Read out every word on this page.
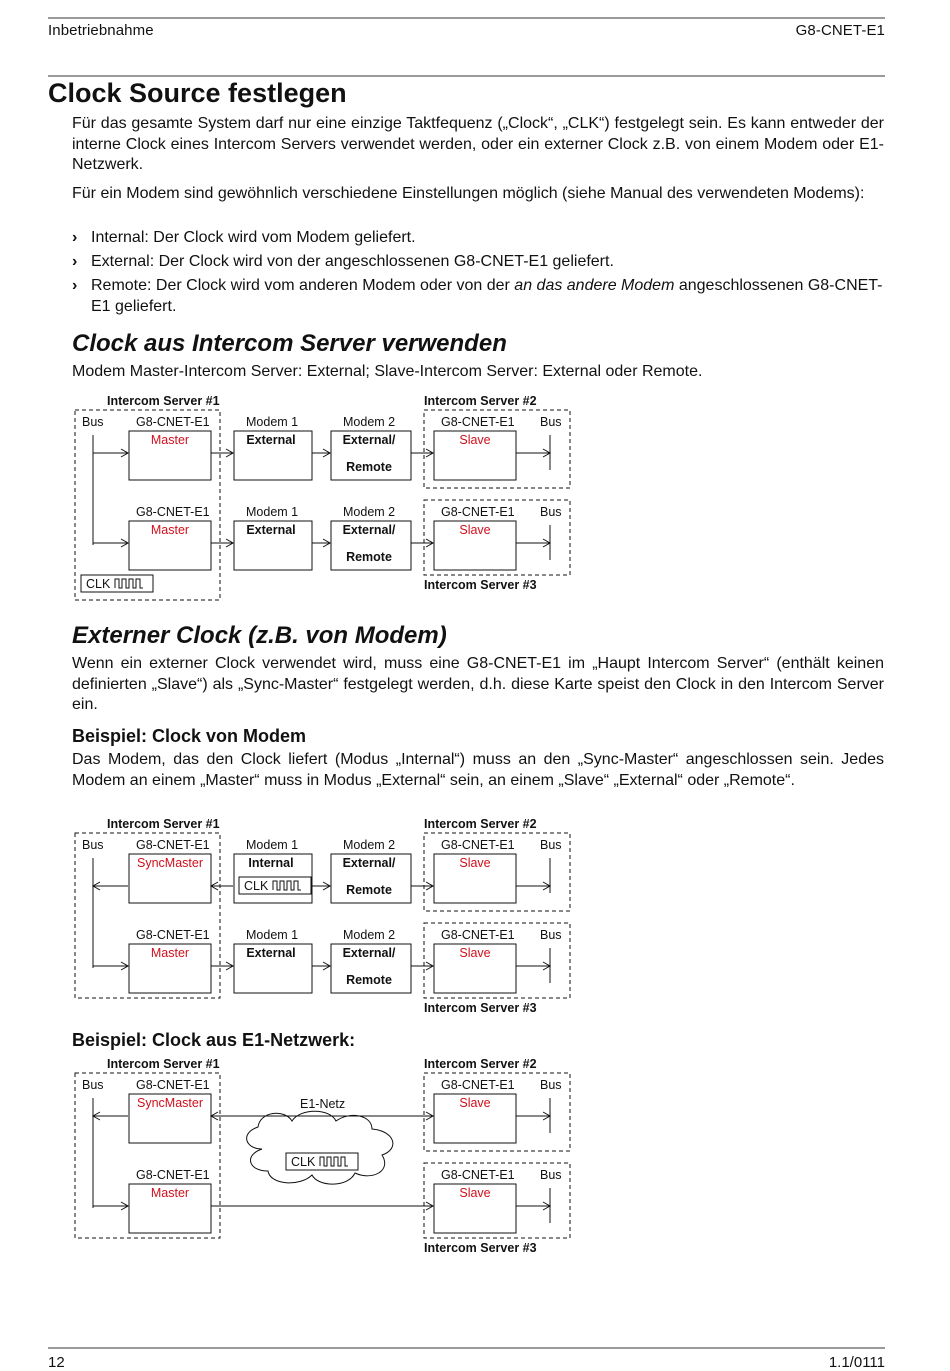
Inbetriebnahme	G8-CNET-E1
Clock Source festlegen

Für das gesamte System darf nur eine einzige Taktfequenz („Clock“, „CLK“) festgelegt sein. Es kann entweder der interne Clock eines Intercom Servers verwendet werden, oder ein externer Clock z.B. von einem Modem oder E1-Netzwerk.

Für ein Modem sind gewöhnlich verschiedene Einstellungen möglich (siehe Manual des verwendeten Modems):

› Internal: Der Clock wird vom Modem geliefert.
› External: Der Clock wird von der angeschlossenen G8-CNET-E1 geliefert.
› Remote: Der Clock wird vom anderen Modem oder von der an das andere Modem angeschlossenen G8-CNET-E1 geliefert.
Clock aus Intercom Server verwenden

Modem Master-Intercom Server: External; Slave-Intercom Server: External oder Remote.

Intercom Server #1	Intercom Server #2
Intercom Server #3
G8-CNET-E1
Master
Bus	G8-CNET-E1
Slave
Bus
Modem 1	Modem 2
External	External/
Remote
G8-CNET-E1
Master
G8-CNET-E1
Slave
Bus
Modem 1	Modem 2
External	External/
Remote
CLK
Externer Clock (z.B. von Modem)

Wenn ein externer Clock verwendet wird, muss eine G8-CNET-E1 im „Haupt Intercom Server“ (enthält keinen definierten „Slave“) als „Sync-Master“ festgelegt werden, d.h. diese Karte speist den Clock in den Intercom Server ein.

Beispiel: Clock von Modem

Das Modem, das den Clock liefert (Modus „Internal“) muss an den „Sync-Master“ angeschlossen sein. Jedes Modem an einem „Master“ muss in Modus „External“ sein, an einem „Slave“ „External“ oder „Remote“.

Intercom Server #1	Intercom Server #2
Intercom Server #3
G8-CNET-E1
SyncMaster
Bus	G8-CNET-E1
Slave
Bus
Modem 1	Modem 2
Internal	External/
Remote
CLK
G8-CNET-E1
Master
G8-CNET-E1
Slave
Bus
Modem 1	Modem 2
External	External/
Remote
Beispiel: Clock aus E1-Netzwerk:
Intercom Server #1	Intercom Server #2
Intercom Server #3
G8-CNET-E1
SyncMaster
Bus	G8-CNET-E1
Slave
Bus
G8-CNET-E1
Master
G8-CNET-E1
Slave
Bus
E1-Netz
CLK
12	1.1/0111
